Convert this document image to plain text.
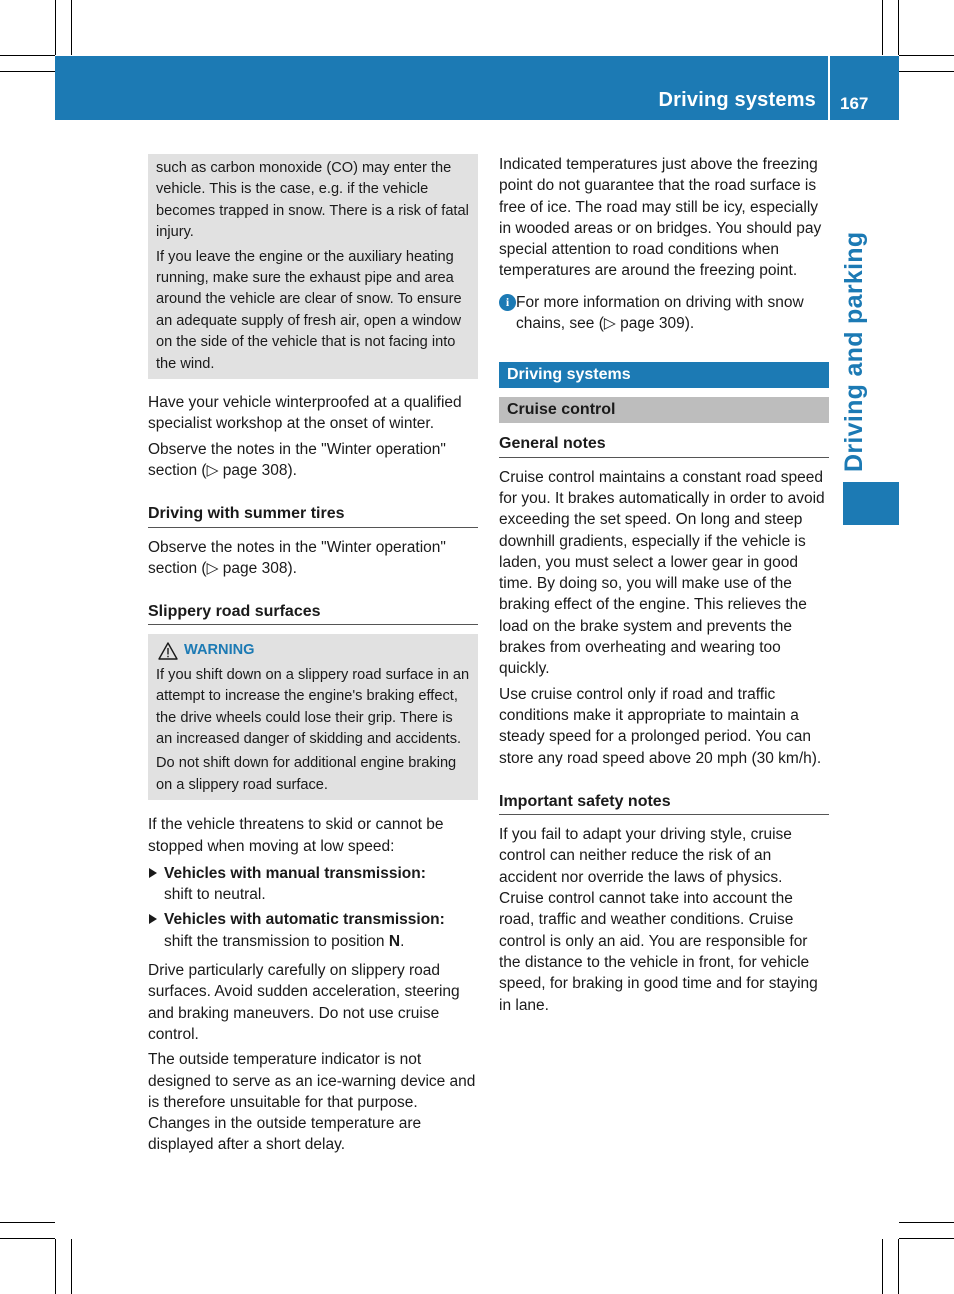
Driving systems 167
Driving and parking

such as carbon monoxide (CO) may enter the vehicle. This is the case, e.g. if the vehicle becomes trapped in snow. There is a risk of fatal injury.

If you leave the engine or the auxiliary heating running, make sure the exhaust pipe and area around the vehicle are clear of snow. To ensure an adequate supply of fresh air, open a window on the side of the vehicle that is not facing into the wind.

Have your vehicle winterproofed at a qualified specialist workshop at the onset of winter.

Observe the notes in the "Winter operation" section (▷ page 308).

Driving with summer tires

Observe the notes in the "Winter operation" section (▷ page 308).

Slippery road surfaces
WARNING

If you shift down on a slippery road surface in an attempt to increase the engine's braking effect, the drive wheels could lose their grip. There is an increased danger of skidding and accidents.

Do not shift down for additional engine braking on a slippery road surface.

If the vehicle threatens to skid or cannot be stopped when moving at low speed:

Vehicles with manual transmission:
shift to neutral.
Vehicles with automatic transmission:
shift the transmission to position N.

Drive particularly carefully on slippery road surfaces. Avoid sudden acceleration, steering and braking maneuvers. Do not use cruise control.

The outside temperature indicator is not designed to serve as an ice-warning device and is therefore unsuitable for that purpose. Changes in the outside temperature are displayed after a short delay.

Indicated temperatures just above the freezing point do not guarantee that the road surface is free of ice. The road may still be icy, especially in wooded areas or on bridges. You should pay special attention to road conditions when temperatures are around the freezing point.

i For more information on driving with snow chains, see (▷ page 309).
Driving systems
Cruise control
General notes

Cruise control maintains a constant road speed for you. It brakes automatically in order to avoid exceeding the set speed. On long and steep downhill gradients, especially if the vehicle is laden, you must select a lower gear in good time. By doing so, you will make use of the braking effect of the engine. This relieves the load on the brake system and prevents the brakes from overheating and wearing too quickly.

Use cruise control only if road and traffic conditions make it appropriate to maintain a steady speed for a prolonged period. You can store any road speed above 20 mph (30 km/h).

Important safety notes

If you fail to adapt your driving style, cruise control can neither reduce the risk of an accident nor override the laws of physics. Cruise control cannot take into account the road, traffic and weather conditions. Cruise control is only an aid. You are responsible for the distance to the vehicle in front, for vehicle speed, for braking in good time and for staying in lane.
